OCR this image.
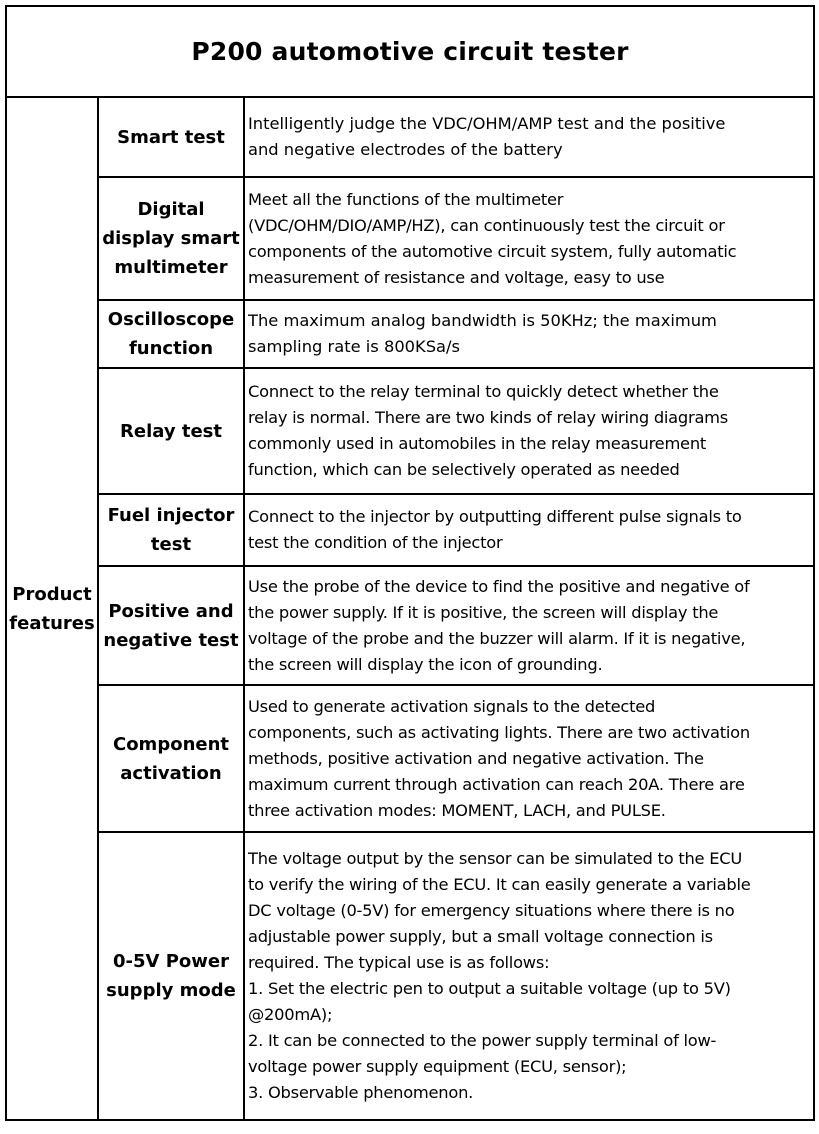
P200 automotive circuit tester
Product features
Smart test
Intelligently judge the VDC/OHM/AMP test and the positive
and negative electrodes of the battery
Digital display smart multimeter
Meet all the functions of the multimeter
(VDC/OHM/DIO/AMP/HZ), can continuously test the circuit or
components of the automotive circuit system, fully automatic
measurement of resistance and voltage, easy to use
Oscilloscope function
The maximum analog bandwidth is 50KHz; the maximum
sampling rate is 800KSa/s
Relay test
Connect to the relay terminal to quickly detect whether the
relay is normal. There are two kinds of relay wiring diagrams
commonly used in automobiles in the relay measurement
function, which can be selectively operated as needed
Fuel injector test
Connect to the injector by outputting different pulse signals to
test the condition of the injector
Positive and negative test
Use the probe of the device to find the positive and negative of
the power supply. If it is positive, the screen will display the
voltage of the probe and the buzzer will alarm. If it is negative,
the screen will display the icon of grounding.
Component activation
Used to generate activation signals to the detected
components, such as activating lights. There are two activation
methods, positive activation and negative activation. The
maximum current through activation can reach 20A. There are
three activation modes: MOMENT, LACH, and PULSE.
0-5V Power supply mode
The voltage output by the sensor can be simulated to the ECU
to verify the wiring of the ECU. It can easily generate a variable
DC voltage (0-5V) for emergency situations where there is no
adjustable power supply, but a small voltage connection is
required. The typical use is as follows:
1. Set the electric pen to output a suitable voltage (up to 5V)
@200mA);
2. It can be connected to the power supply terminal of low-
voltage power supply equipment (ECU, sensor);
3. Observable phenomenon.
